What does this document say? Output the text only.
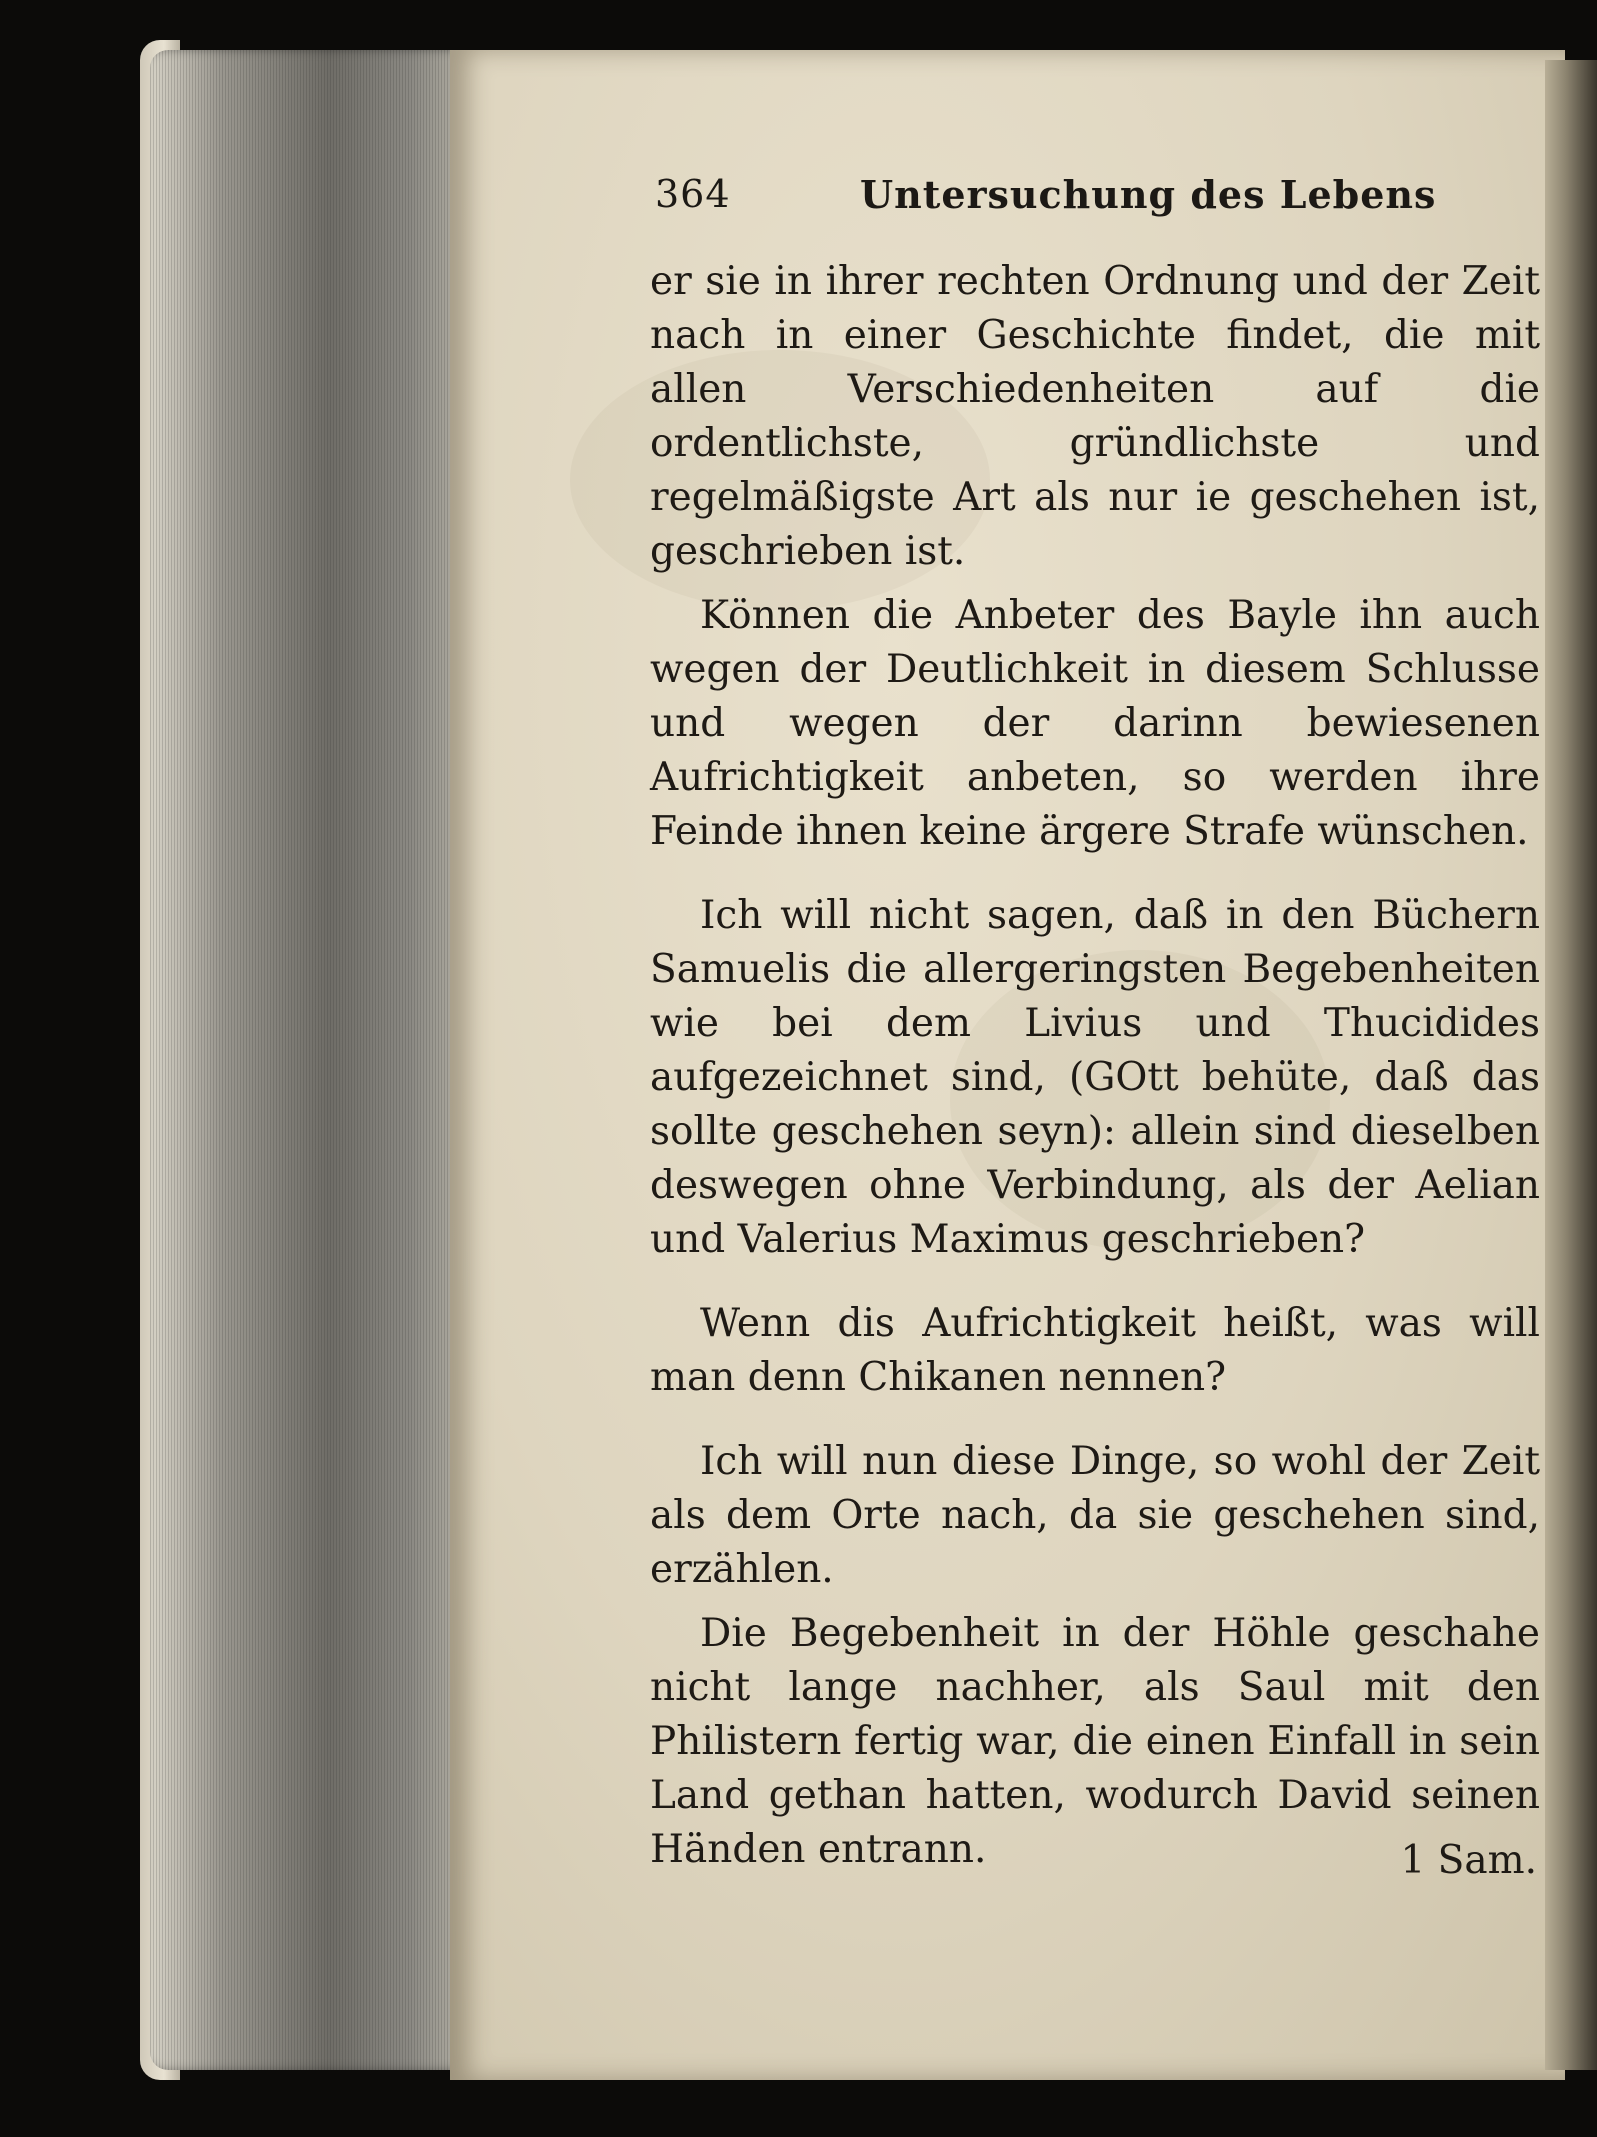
364	Untersuchung des Lebens

er sie in ihrer rechten Ordnung und der Zeit nach in einer Geschichte findet, die mit allen Verschiedenheiten auf die ordentlichste, gründlichste und regelmäßigste Art als nur ie geschehen ist, geschrieben ist.

Können die Anbeter des Bayle ihn auch wegen der Deutlichkeit in diesem Schlusse und wegen der darinn bewiesenen Aufrichtigkeit anbeten, so werden ihre Feinde ihnen keine ärgere Strafe wünschen.

Ich will nicht sagen, daß in den Büchern Samuelis die allergeringsten Begebenheiten wie bei dem Livius und Thucidides aufgezeichnet sind, (GOtt behüte, daß das sollte geschehen seyn): allein sind dieselben deswegen ohne Verbindung, als der Aelian und Valerius Maximus geschrieben?

Wenn dis Aufrichtigkeit heißt, was will man denn Chikanen nennen?

Ich will nun diese Dinge, so wohl der Zeit als dem Orte nach, da sie geschehen sind, erzählen.

Die Begebenheit in der Höhle geschahe nicht lange nachher, als Saul mit den Philistern fertig war, die einen Einfall in sein Land gethan hatten, wodurch David seinen Händen entrann.	1 Sam.
